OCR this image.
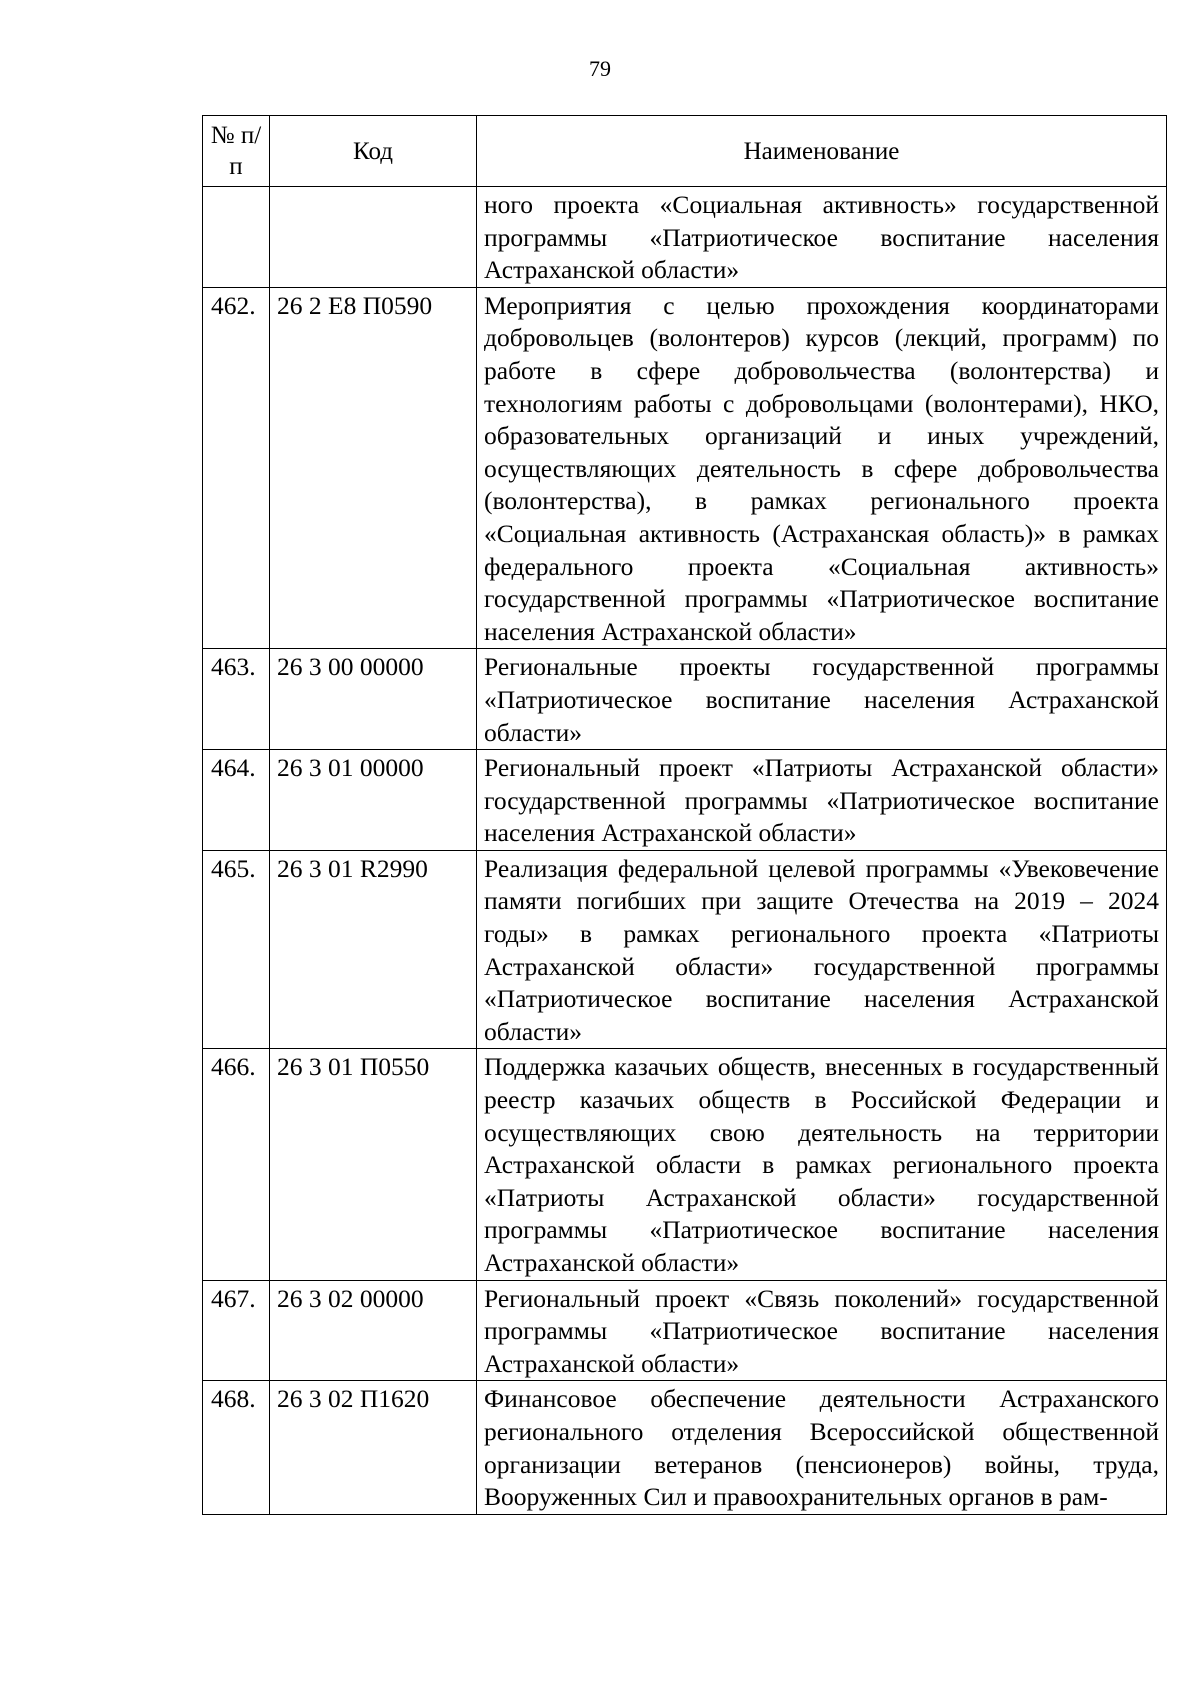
79
№ п/п	Код	Наименование
		ного проекта «Социальная активность» государственной программы «Патриотическое воспитание населения Астраханской области»
462.	26 2 Е8 П0590	Мероприятия с целью прохождения координаторами добровольцев (волонтеров) курсов (лекций, программ) по работе в сфере добровольчества (волонтерства) и технологиям работы с добровольцами (волонтерами), НКО, образовательных организаций и иных учреждений, осуществляющих деятельность в сфере добровольчества (волонтерства), в рамках регионального проекта «Социальная активность (Астраханская область)» в рамках федерального проекта «Социальная активность» государственной программы «Патриотическое воспитание населения Астраханской области»
463.	26 3 00 00000	Региональные проекты государственной программы «Патриотическое воспитание населения Астраханской области»
464.	26 3 01 00000	Региональный проект «Патриоты Астраханской области» государственной программы «Патриотическое воспитание населения Астраханской области»
465.	26 3 01 R2990	Реализация федеральной целевой программы «Увековечение памяти погибших при защите Отечества на 2019 – 2024 годы» в рамках регионального проекта «Патриоты Астраханской области» государственной программы «Патриотическое воспитание населения Астраханской области»
466.	26 3 01 П0550	Поддержка казачьих обществ, внесенных в государственный реестр казачьих обществ в Российской Федерации и осуществляющих свою деятельность на территории Астраханской области в рамках регионального проекта «Патриоты Астраханской области» государственной программы «Патриотическое воспитание населения Астраханской области»
467.	26 3 02 00000	Региональный проект «Связь поколений» государственной программы «Патриотическое воспитание населения Астраханской области»
468.	26 3 02 П1620	Финансовое обеспечение деятельности Астраханского регионального отделения Всероссийской общественной организации ветеранов (пенсионеров) войны, труда, Вооруженных Сил и правоохранительных органов в рам-
